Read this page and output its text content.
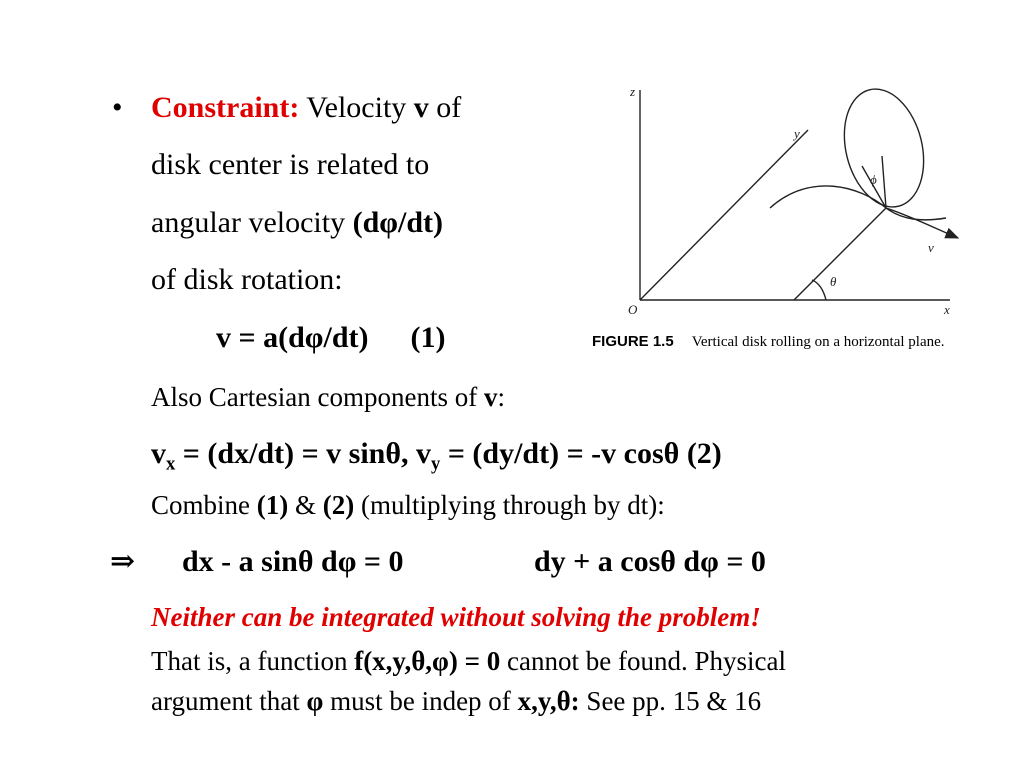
• Constraint: Velocity v of
disk center is related to
angular velocity (dφ/dt)
of disk rotation:
v = a(dφ/dt) (1)
Also Cartesian components of v:
$v_x = (dx/dt) = v$ sinθ, $v_y = (dy/dt) = -v$ cosθ (2)
Combine (1) & (2) (multiplying through by dt):
⇒ dx - a sinθ dφ = 0	dy + a cosθ dφ = 0
Neither can be integrated without solving the problem!
That is, a function f(x,y,θ,φ) = 0 cannot be found. Physical
argument that φ must be indep of x,y,θ: See pp. 15 & 16
z
y
x
O
ϕ
θ
v
FIGURE 1.5 Vertical disk rolling on a horizontal plane.
